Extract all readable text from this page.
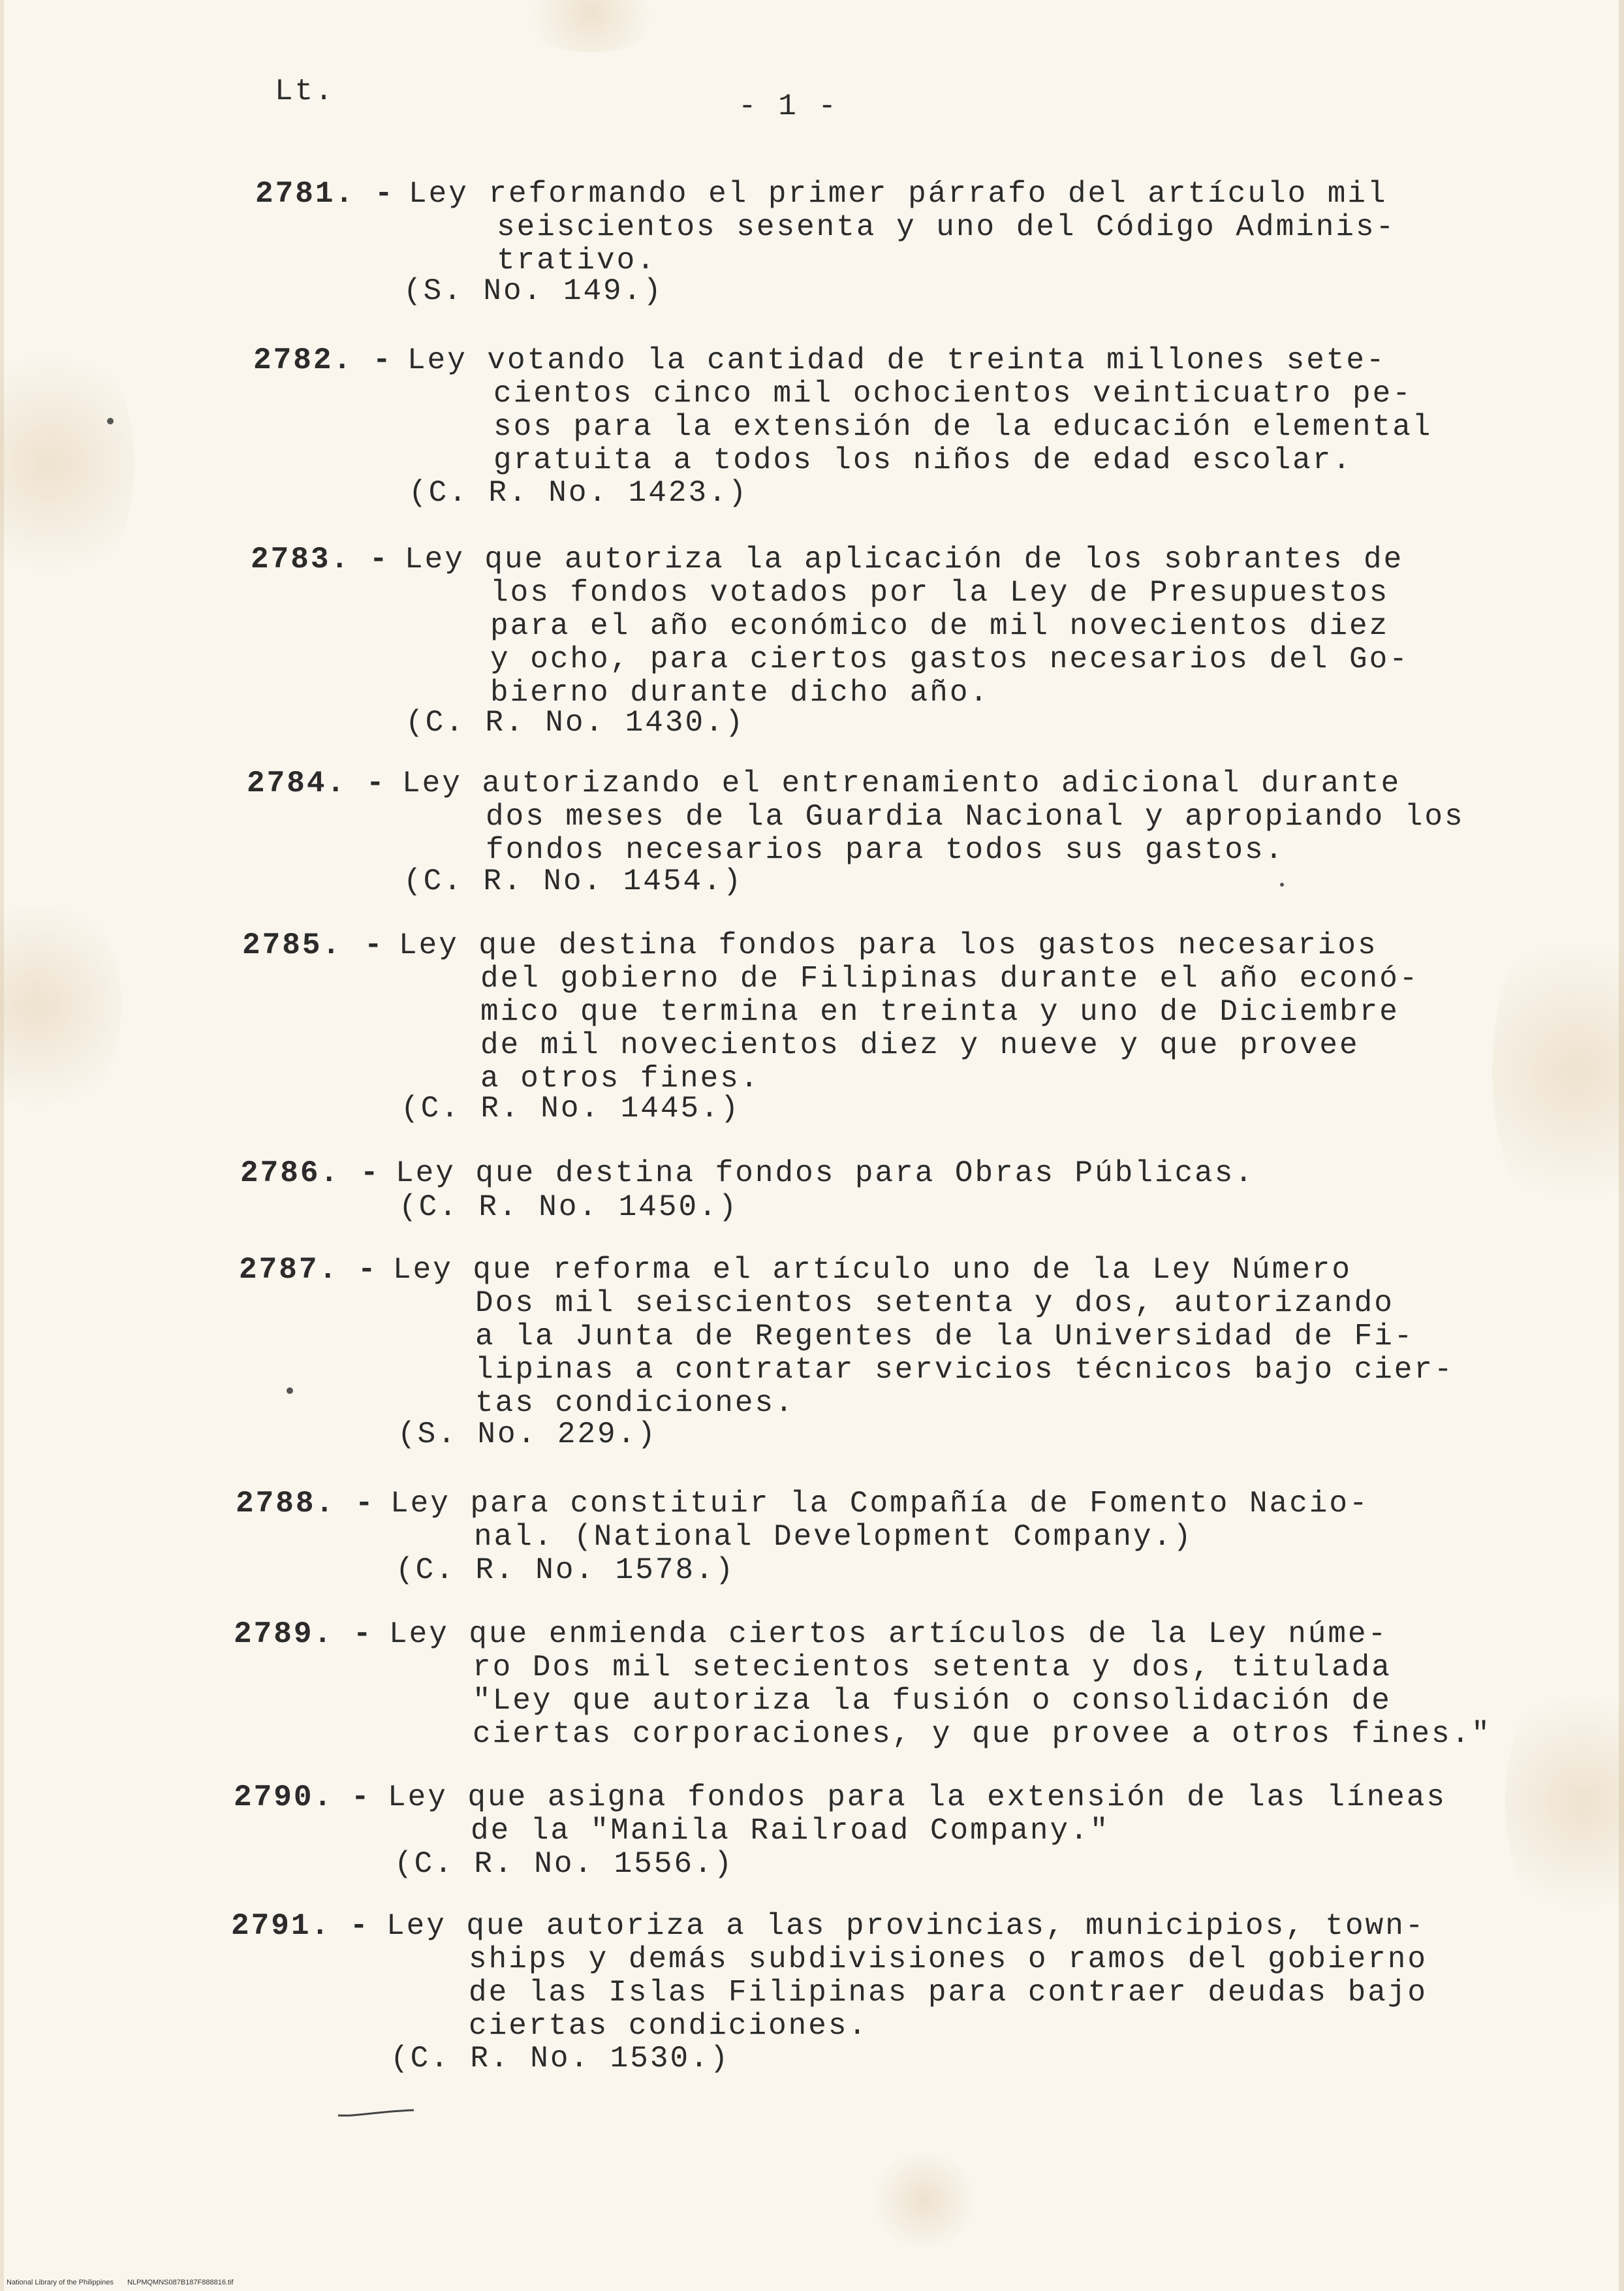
Lt.	- 1 -

2781. - Ley reformando el primer párrafo del artículo mil

seiscientos sesenta y uno del Código Adminis-
trativo.

(S. No. 149.)

2782. - Ley votando la cantidad de treinta millones sete-

cientos cinco mil ochocientos veinticuatro pe-
sos para la extensión de la educación elemental
gratuita a todos los niños de edad escolar.

(C. R. No. 1423.)

2783. - Ley que autoriza la aplicación de los sobrantes de

los fondos votados por la Ley de Presupuestos
para el año económico de mil novecientos diez
y ocho, para ciertos gastos necesarios del Go-
bierno durante dicho año.

(C. R. No. 1430.)

2784. - Ley autorizando el entrenamiento adicional durante

dos meses de la Guardia Nacional y apropiando los
fondos necesarios para todos sus gastos.

(C. R. No. 1454.)

2785. - Ley que destina fondos para los gastos necesarios

del gobierno de Filipinas durante el año econó-
mico que termina en treinta y uno de Diciembre
de mil novecientos diez y nueve y que provee
a otros fines.

(C. R. No. 1445.)

2786. - Ley que destina fondos para Obras Públicas.

(C. R. No. 1450.)

2787. - Ley que reforma el artículo uno de la Ley Número

Dos mil seiscientos setenta y dos, autorizando
a la Junta de Regentes de la Universidad de Fi-
lipinas a contratar servicios técnicos bajo cier-
tas condiciones.

(S. No. 229.)

2788. - Ley para constituir la Compañía de Fomento Nacio-

nal. (National Development Company.)

(C. R. No. 1578.)

2789. - Ley que enmienda ciertos artículos de la Ley núme-

ro Dos mil setecientos setenta y dos, titulada
"Ley que autoriza la fusión o consolidación de
ciertas corporaciones, y que provee a otros fines."

2790. - Ley que asigna fondos para la extensión de las líneas

de la "Manila Railroad Company."

(C. R. No. 1556.)

2791. - Ley que autoriza a las provincias, municipios, town-

ships y demás subdivisiones o ramos del gobierno
de las Islas Filipinas para contraer deudas bajo
ciertas condiciones.

(C. R. No. 1530.)

National Library of the Philippines NLPMQMNS087B187F888816.tif
